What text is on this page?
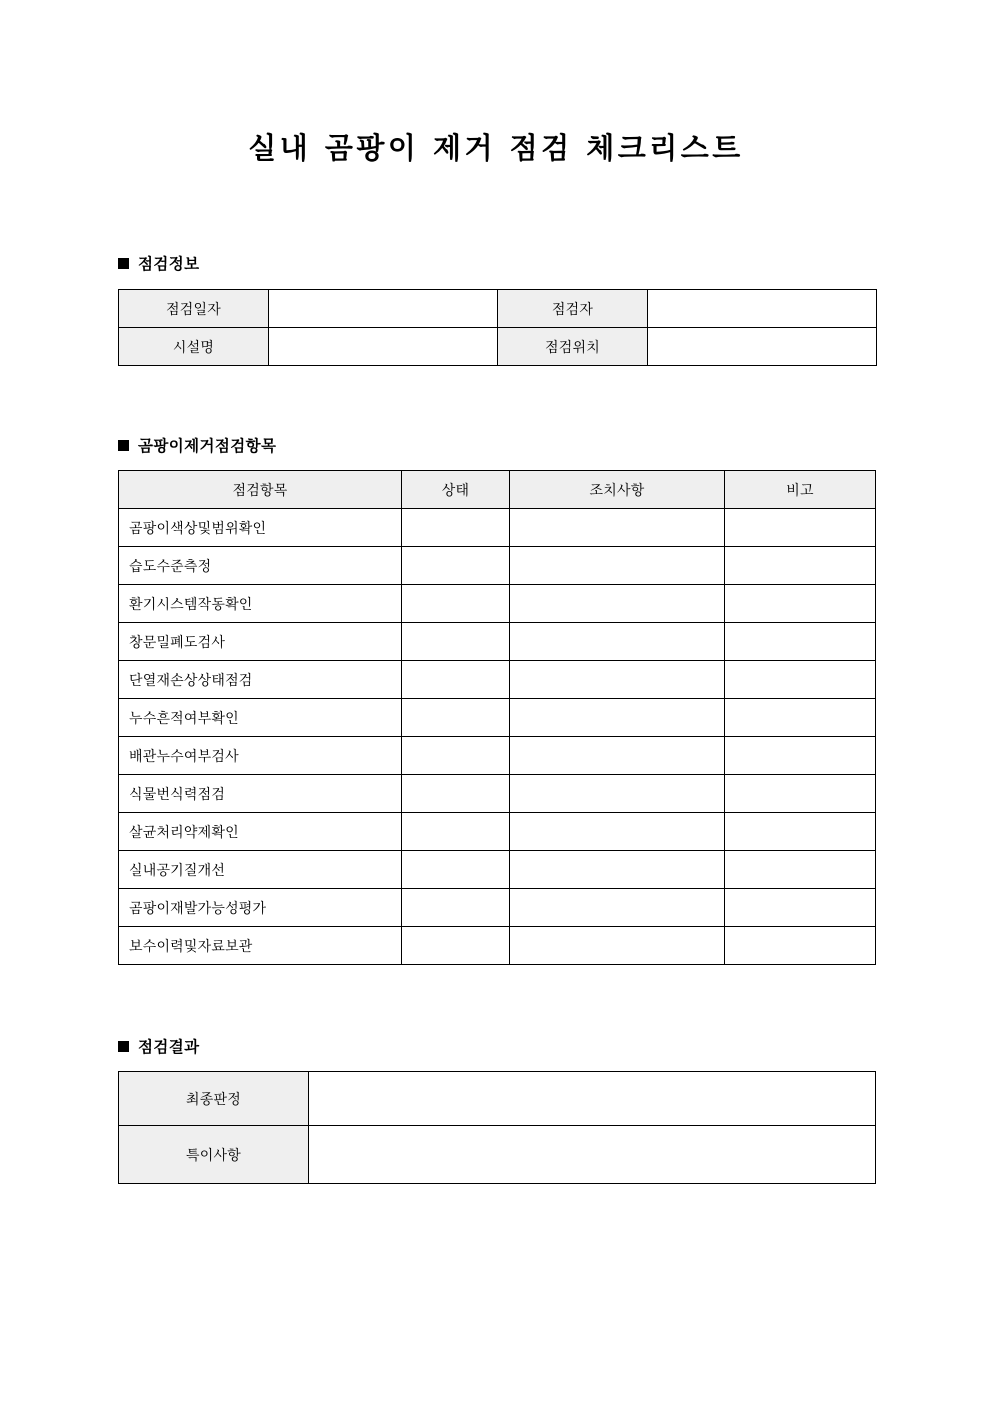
실내 곰팡이 제거 점검 체크리스트
점검정보
점검일자		점검자	
시설명		점검위치	
곰팡이제거점검항목
점검항목	상태	조치사항	비고
곰팡이색상및범위확인			
습도수준측정			
환기시스템작동확인			
창문밀폐도검사			
단열재손상상태점검			
누수흔적여부확인			
배관누수여부검사			
식물번식력점검			
살균처리약제확인			
실내공기질개선			
곰팡이재발가능성평가			
보수이력및자료보관			
점검결과
최종판정	
특이사항	
